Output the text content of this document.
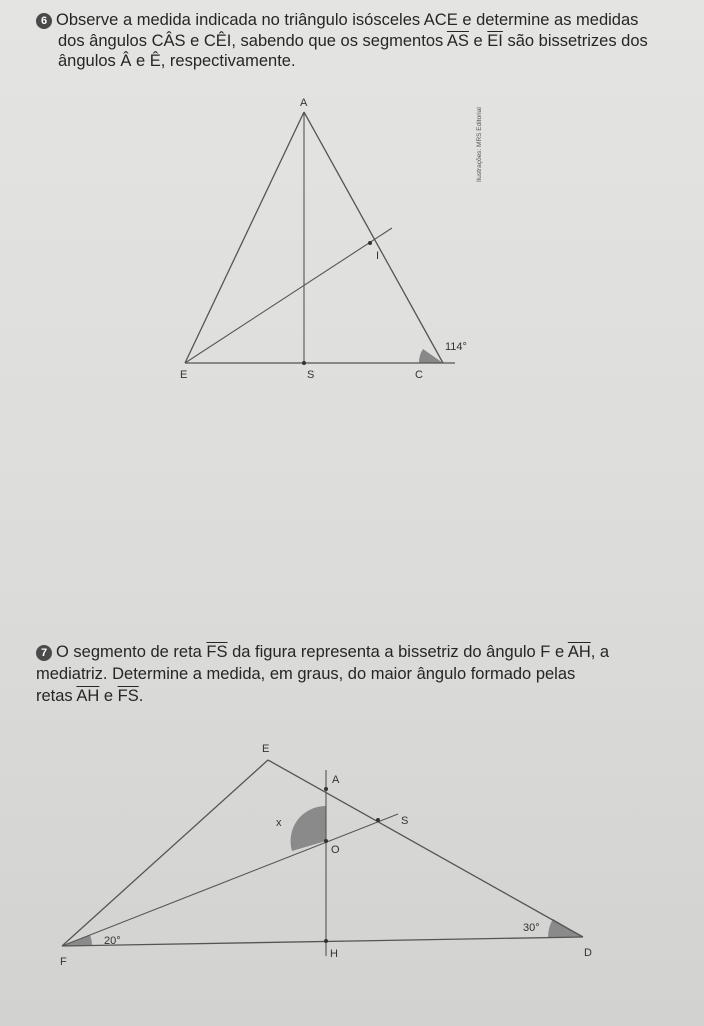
6 Observe a medida indicada no triângulo isósceles ACE e determine as medidas
dos ângulos CÂS e CÊI, sabendo que os segmentos $\overline{AS}$ e $\overline{EI}$ são bissetrizes dos
ângulos Â e Ê, respectivamente.
Ilustrações: MRS Editorial
A
E	S	C
I
114°
7 O segmento de reta $\overline{FS}$ da figura representa a bissetriz do ângulo F e $\overline{AH}$, a
mediatriz. Determine a medida, em graus, do maior ângulo formado pelas
retas $\overline{AH}$ e $\overline{FS}$.
E
A
S
x
O
F
H	D
20°
30°
